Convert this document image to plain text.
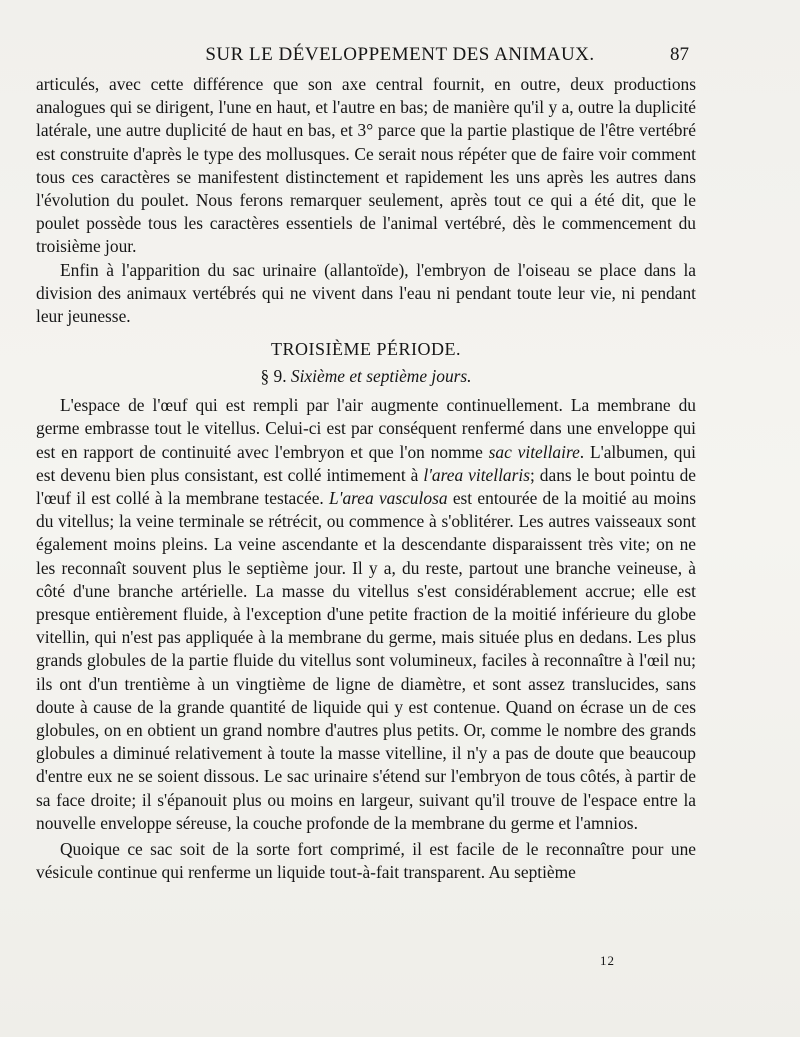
SUR LE DÉVELOPPEMENT DES ANIMAUX.	87

articulés, avec cette différence que son axe central fournit, en outre, deux productions analogues qui se dirigent, l'une en haut, et l'autre en bas; de manière qu'il y a, outre la duplicité latérale, une autre duplicité de haut en bas, et 3° parce que la partie plastique de l'être vertébré est construite d'après le type des mollusques. Ce serait nous répéter que de faire voir comment tous ces caractères se manifestent distinctement et rapidement les uns après les autres dans l'évolution du poulet. Nous ferons remarquer seulement, après tout ce qui a été dit, que le poulet possède tous les caractères essentiels de l'animal vertébré, dès le commencement du troisième jour.

Enfin à l'apparition du sac urinaire (allantoïde), l'embryon de l'oiseau se place dans la division des animaux vertébrés qui ne vivent dans l'eau ni pendant toute leur vie, ni pendant leur jeunesse.

TROISIÈME PÉRIODE.
§ 9. Sixième et septième jours.

L'espace de l'œuf qui est rempli par l'air augmente continuellement. La membrane du germe embrasse tout le vitellus. Celui-ci est par conséquent renfermé dans une enveloppe qui est en rapport de continuité avec l'embryon et que l'on nomme sac vitellaire. L'albumen, qui est devenu bien plus consistant, est collé intimement à l'area vitellaris; dans le bout pointu de l'œuf il est collé à la membrane testacée. L'area vasculosa est entourée de la moitié au moins du vitellus; la veine terminale se rétrécit, ou commence à s'oblitérer. Les autres vaisseaux sont également moins pleins. La veine ascendante et la descendante disparaissent très vite; on ne les reconnaît souvent plus le septième jour. Il y a, du reste, partout une branche veineuse, à côté d'une branche artérielle. La masse du vitellus s'est considérablement accrue; elle est presque entièrement fluide, à l'exception d'une petite fraction de la moitié inférieure du globe vitellin, qui n'est pas appliquée à la membrane du germe, mais située plus en dedans. Les plus grands globules de la partie fluide du vitellus sont volumineux, faciles à reconnaître à l'œil nu; ils ont d'un trentième à un vingtième de ligne de diamètre, et sont assez translucides, sans doute à cause de la grande quantité de liquide qui y est contenue. Quand on écrase un de ces globules, on en obtient un grand nombre d'autres plus petits. Or, comme le nombre des grands globules a diminué relativement à toute la masse vitelline, il n'y a pas de doute que beaucoup d'entre eux ne se soient dissous. Le sac urinaire s'étend sur l'embryon de tous côtés, à partir de sa face droite; il s'épanouit plus ou moins en largeur, suivant qu'il trouve de l'espace entre la nouvelle enveloppe séreuse, la couche profonde de la membrane du germe et l'amnios.

Quoique ce sac soit de la sorte fort comprimé, il est facile de le reconnaître pour une vésicule continue qui renferme un liquide tout-à-fait transparent. Au septième

12
